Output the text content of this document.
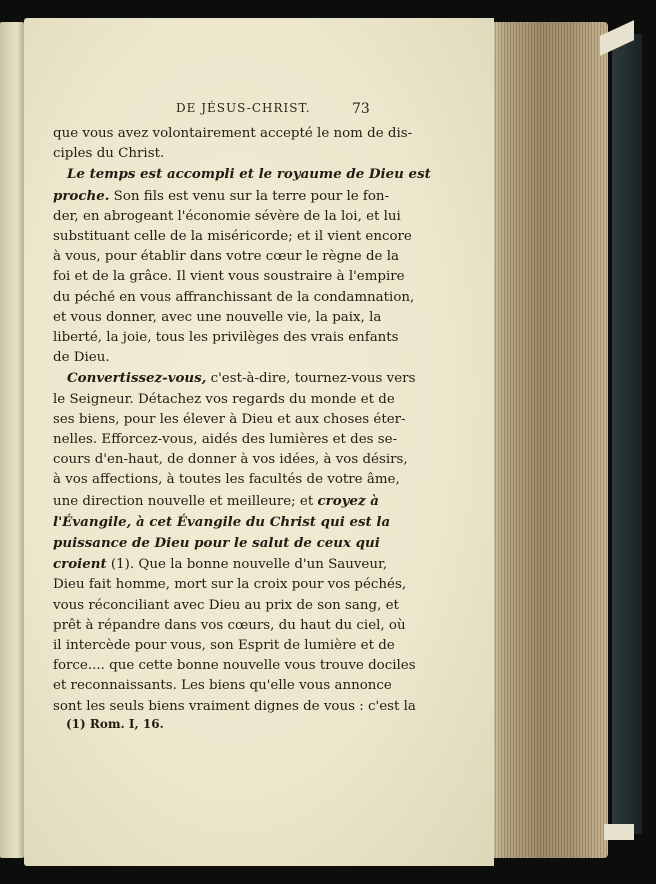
DE JÉSUS-CHRIST.	73
que vous avez volontairement accepté le nom de dis-
ciples du Christ.
Le temps est accompli et le royaume de Dieu est
proche. Son fils est venu sur la terre pour le fon-
der, en abrogeant l'économie sévère de la loi, et lui
substituant celle de la miséricorde; et il vient encore
à vous, pour établir dans votre cœur le règne de la
foi et de la grâce. Il vient vous soustraire à l'empire
du péché en vous affranchissant de la condamnation,
et vous donner, avec une nouvelle vie, la paix, la
liberté, la joie, tous les privilèges des vrais enfants
de Dieu.
Convertissez-vous, c'est-à-dire, tournez-vous vers
le Seigneur. Détachez vos regards du monde et de
ses biens, pour les élever à Dieu et aux choses éter-
nelles. Efforcez-vous, aidés des lumières et des se-
cours d'en-haut, de donner à vos idées, à vos désirs,
à vos affections, à toutes les facultés de votre âme,
une direction nouvelle et meilleure; et croyez à
l'Évangile, à cet Évangile du Christ qui est la
puissance de Dieu pour le salut de ceux qui
croient (1). Que la bonne nouvelle d'un Sauveur,
Dieu fait homme, mort sur la croix pour vos péchés,
vous réconciliant avec Dieu au prix de son sang, et
prêt à répandre dans vos cœurs, du haut du ciel, où
il intercède pour vous, son Esprit de lumière et de
force.... que cette bonne nouvelle vous trouve dociles
et reconnaissants. Les biens qu'elle vous annonce
sont les seuls biens vraiment dignes de vous : c'est la
(1) Rom. I, 16.
